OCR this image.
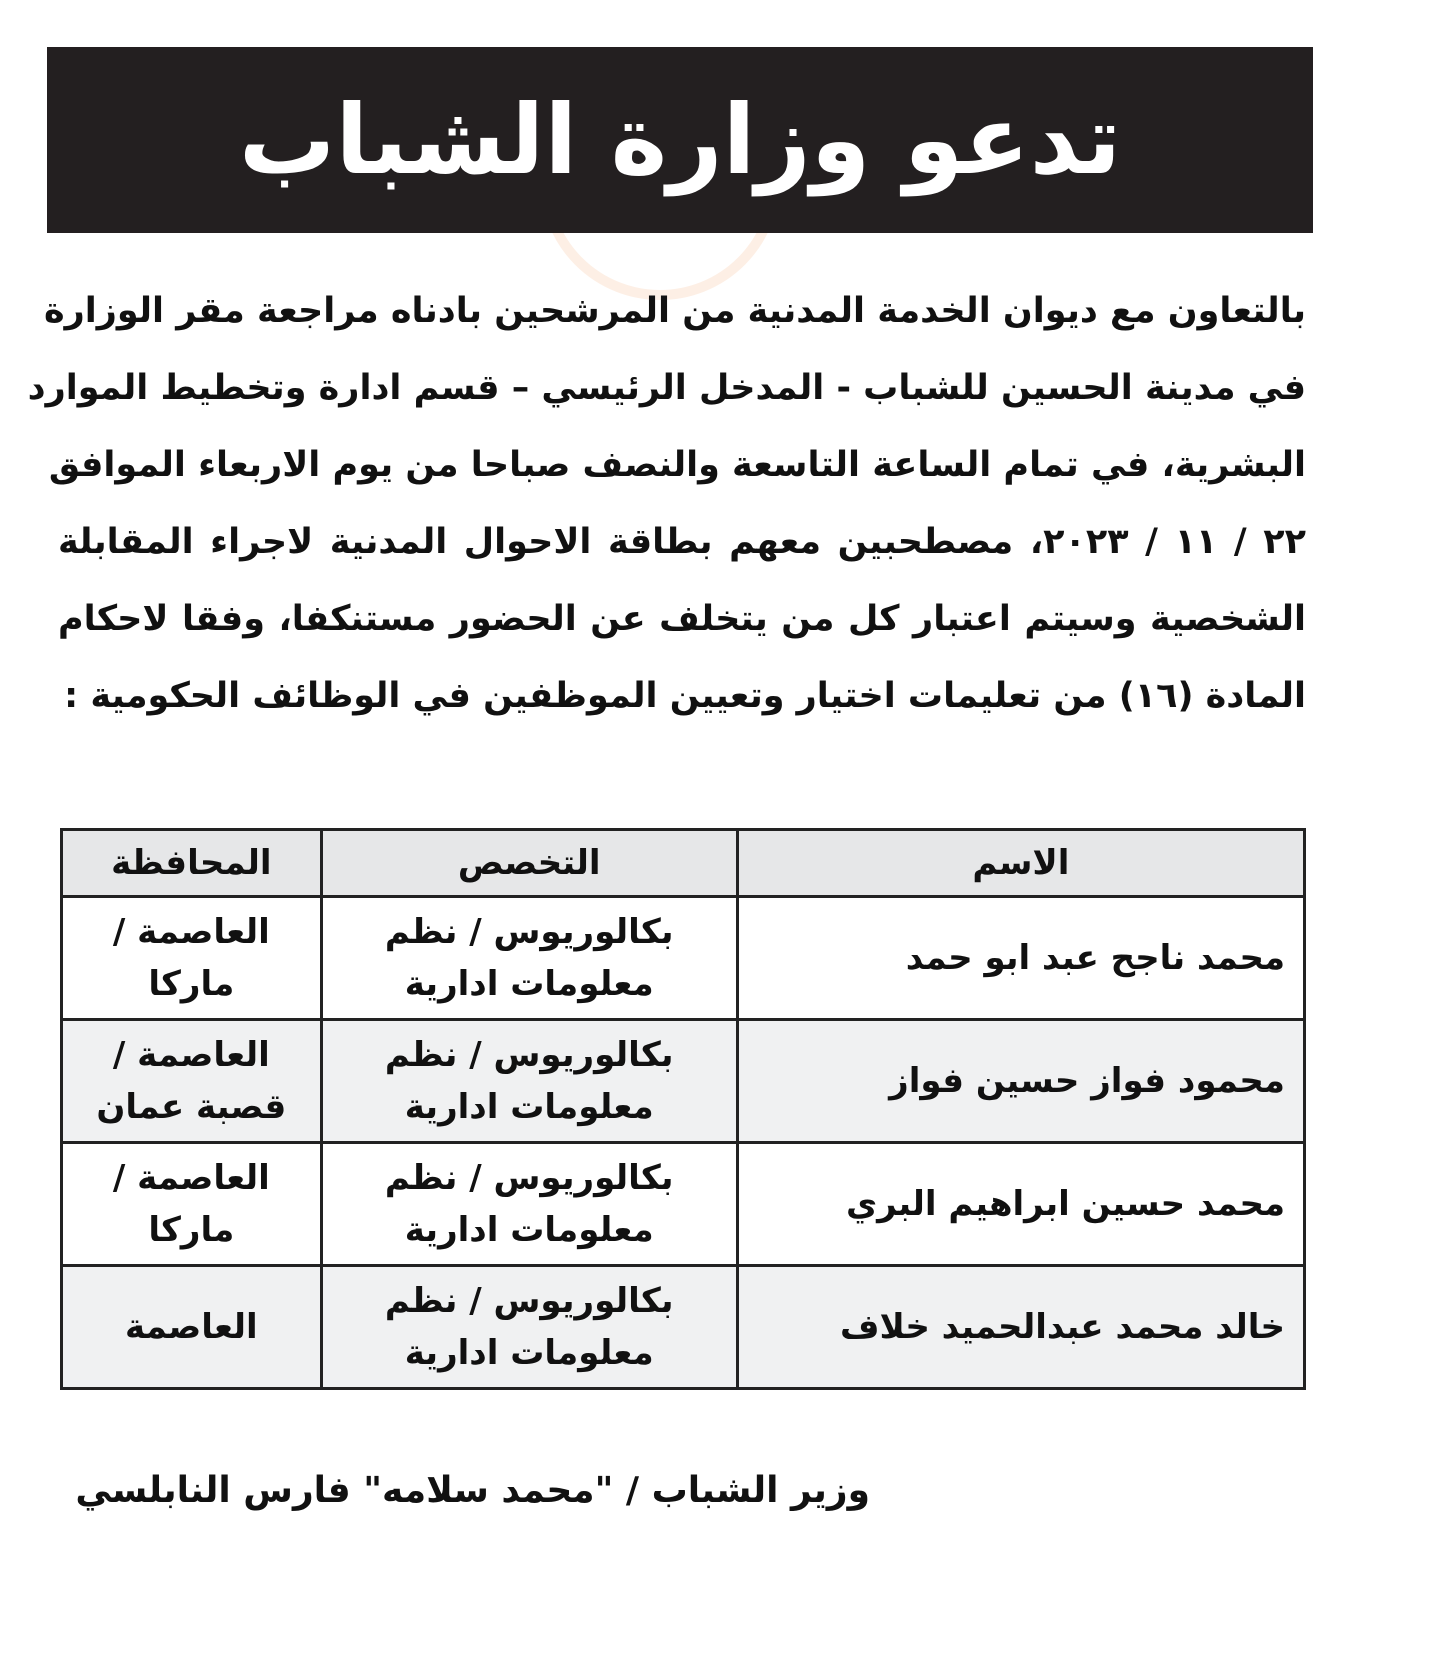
تدعو وزارة الشباب
بالتعاون مع ديوان الخدمة المدنية من المرشحين بادناه مراجعة مقر الوزارة
في مدينة الحسين للشباب - المدخل الرئيسي – قسم ادارة وتخطيط الموارد
البشرية، في تمام الساعة التاسعة والنصف صباحا من يوم الاربعاء الموافق
٢٢ / ١١ / ٢٠٢٣، مصطحبين معهم بطاقة الاحوال المدنية لاجراء المقابلة
الشخصية وسيتم اعتبار كل من يتخلف عن الحضور مستنكفا، وفقا لاحكام
المادة (١٦) من تعليمات اختيار وتعيين الموظفين في الوظائف الحكومية :
الاسم	التخصص	المحافظة
محمد ناجح عبد ابو حمد	بكالوريوس / نظم معلومات ادارية	العاصمة / ماركا
محمود فواز حسين فواز	بكالوريوس / نظم معلومات ادارية	العاصمة / قصبة عمان
محمد حسين ابراهيم البري	بكالوريوس / نظم معلومات ادارية	العاصمة / ماركا
خالد محمد عبدالحميد خلاف	بكالوريوس / نظم معلومات ادارية	العاصمة
وزير الشباب / "محمد سلامه" فارس النابلسي
